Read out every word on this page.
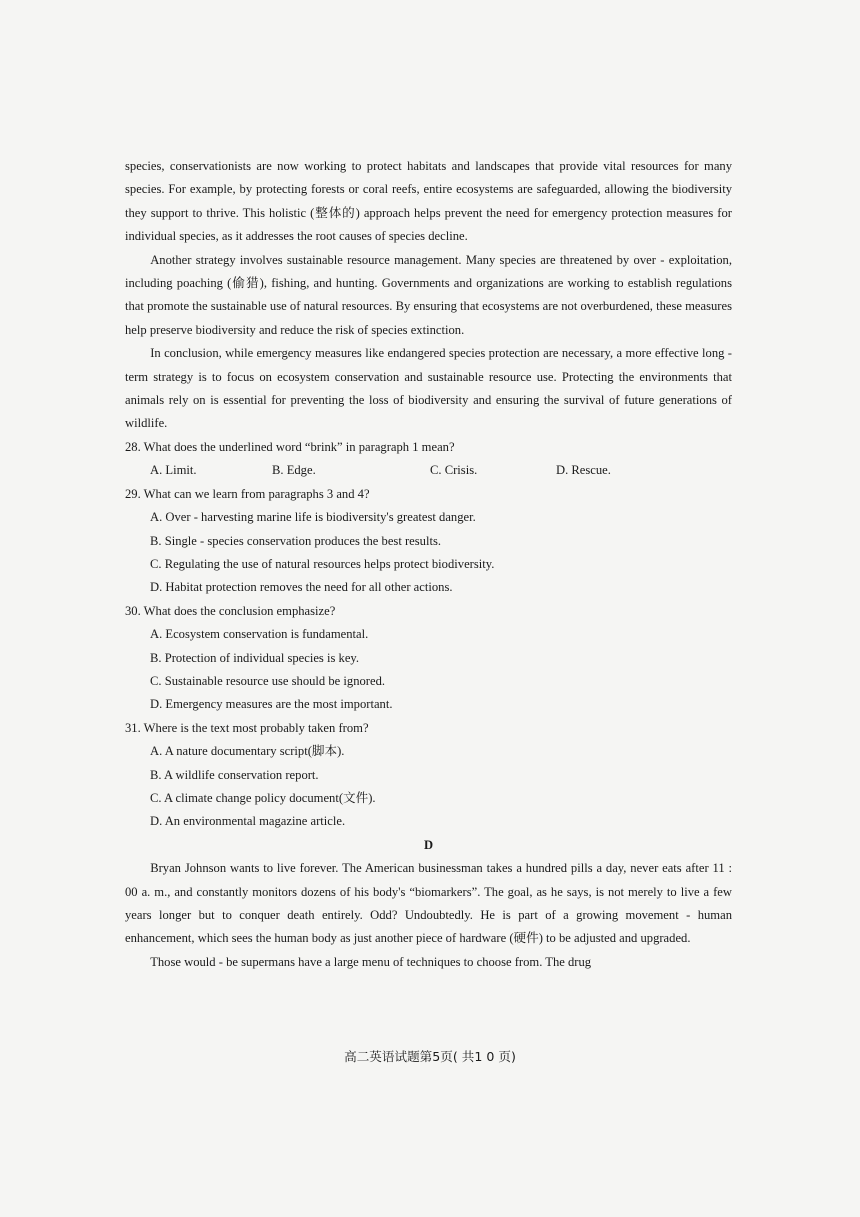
species, conservationists are now working to protect habitats and landscapes that provide vital resources for many species. For example, by protecting forests or coral reefs, entire ecosystems are safeguarded, allowing the biodiversity they support to thrive. This holistic (整体的) approach helps prevent the need for emergency protection measures for individual species, as it addresses the root causes of species decline.

Another strategy involves sustainable resource management. Many species are threatened by over - exploitation, including poaching (偷猎), fishing, and hunting. Governments and organizations are working to establish regulations that promote the sustainable use of natural resources. By ensuring that ecosystems are not overburdened, these measures help preserve biodiversity and reduce the risk of species extinction.

In conclusion, while emergency measures like endangered species protection are necessary, a more effective long - term strategy is to focus on ecosystem conservation and sustainable resource use. Protecting the environments that animals rely on is essential for preventing the loss of biodiversity and ensuring the survival of future generations of wildlife.

28. What does the underlined word “brink” in paragraph 1 mean?

A. Limit.	B. Edge.	C. Crisis.	D. Rescue.

29. What can we learn from paragraphs 3 and 4?

A. Over - harvesting marine life is biodiversity's greatest danger.
B. Single - species conservation produces the best results.
C. Regulating the use of natural resources helps protect biodiversity.
D. Habitat protection removes the need for all other actions.

30. What does the conclusion emphasize?

A. Ecosystem conservation is fundamental.
B. Protection of individual species is key.
C. Sustainable resource use should be ignored.
D. Emergency measures are the most important.

31. Where is the text most probably taken from?

A. A nature documentary script(脚本).
B. A wildlife conservation report.
C. A climate change policy document(文件).
D. An environmental magazine article.

D

Bryan Johnson wants to live forever. The American businessman takes a hundred pills a day, never eats after 11 : 00 a. m., and constantly monitors dozens of his body's “biomarkers”. The goal, as he says, is not merely to live a few years longer but to conquer death entirely. Odd? Undoubtedly. He is part of a growing movement - human enhancement, which sees the human body as just another piece of hardware (硬件) to be adjusted and upgraded.

Those would - be supermans have a large menu of techniques to choose from. The drug

高二英语试题第5页( 共1 0 页)
